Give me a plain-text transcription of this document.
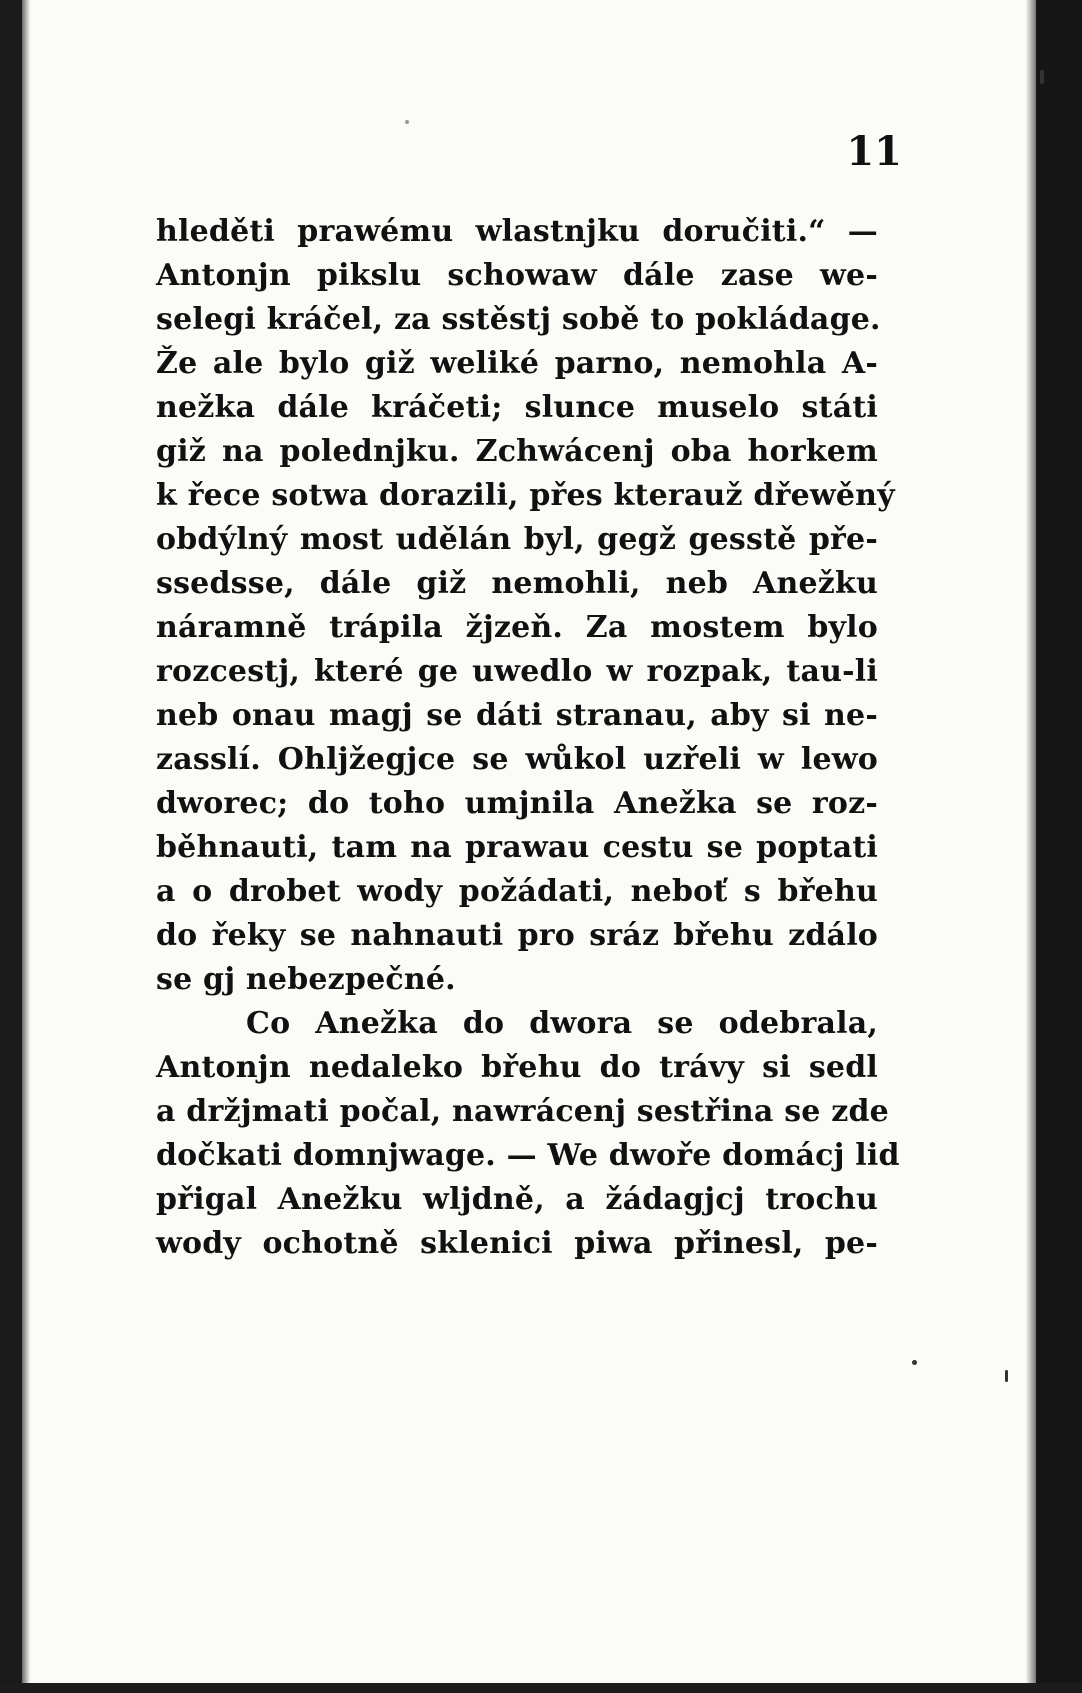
11
hleděti prawému wlastnjku doručiti.“ —
Antonjn pikslu schowaw dále zase we-
selegi kráčel, za sstěstj sobě to pokládage.
Že ale bylo giž weliké parno, nemohla A-
nežka dále kráčeti; slunce muselo státi
giž na polednjku. Zchwácenj oba horkem
k řece sotwa dorazili, přes kterauž dřewěný
obdýlný most udělán byl, gegž gesstě pře-
ssedsse, dále giž nemohli, neb Anežku
náramně trápila žjzeň. Za mostem bylo
rozcestj, které ge uwedlo w rozpak, tau-li
neb onau magj se dáti stranau, aby si ne-
zasslí. Ohljžegjce se wůkol uzřeli w lewo
dworec; do toho umjnila Anežka se roz-
běhnauti, tam na prawau cestu se poptati
a o drobet wody požádati, neboť s břehu
do řeky se nahnauti pro sráz břehu zdálo
se gj nebezpečné.
Co Anežka do dwora se odebrala,
Antonjn nedaleko břehu do trávy si sedl
a držjmati počal, nawrácenj sestřina se zde
dočkati domnjwage. — We dwoře domácj lid
přigal Anežku wljdně, a žádagjcj trochu
wody ochotně sklenici piwa přinesl, pe-
